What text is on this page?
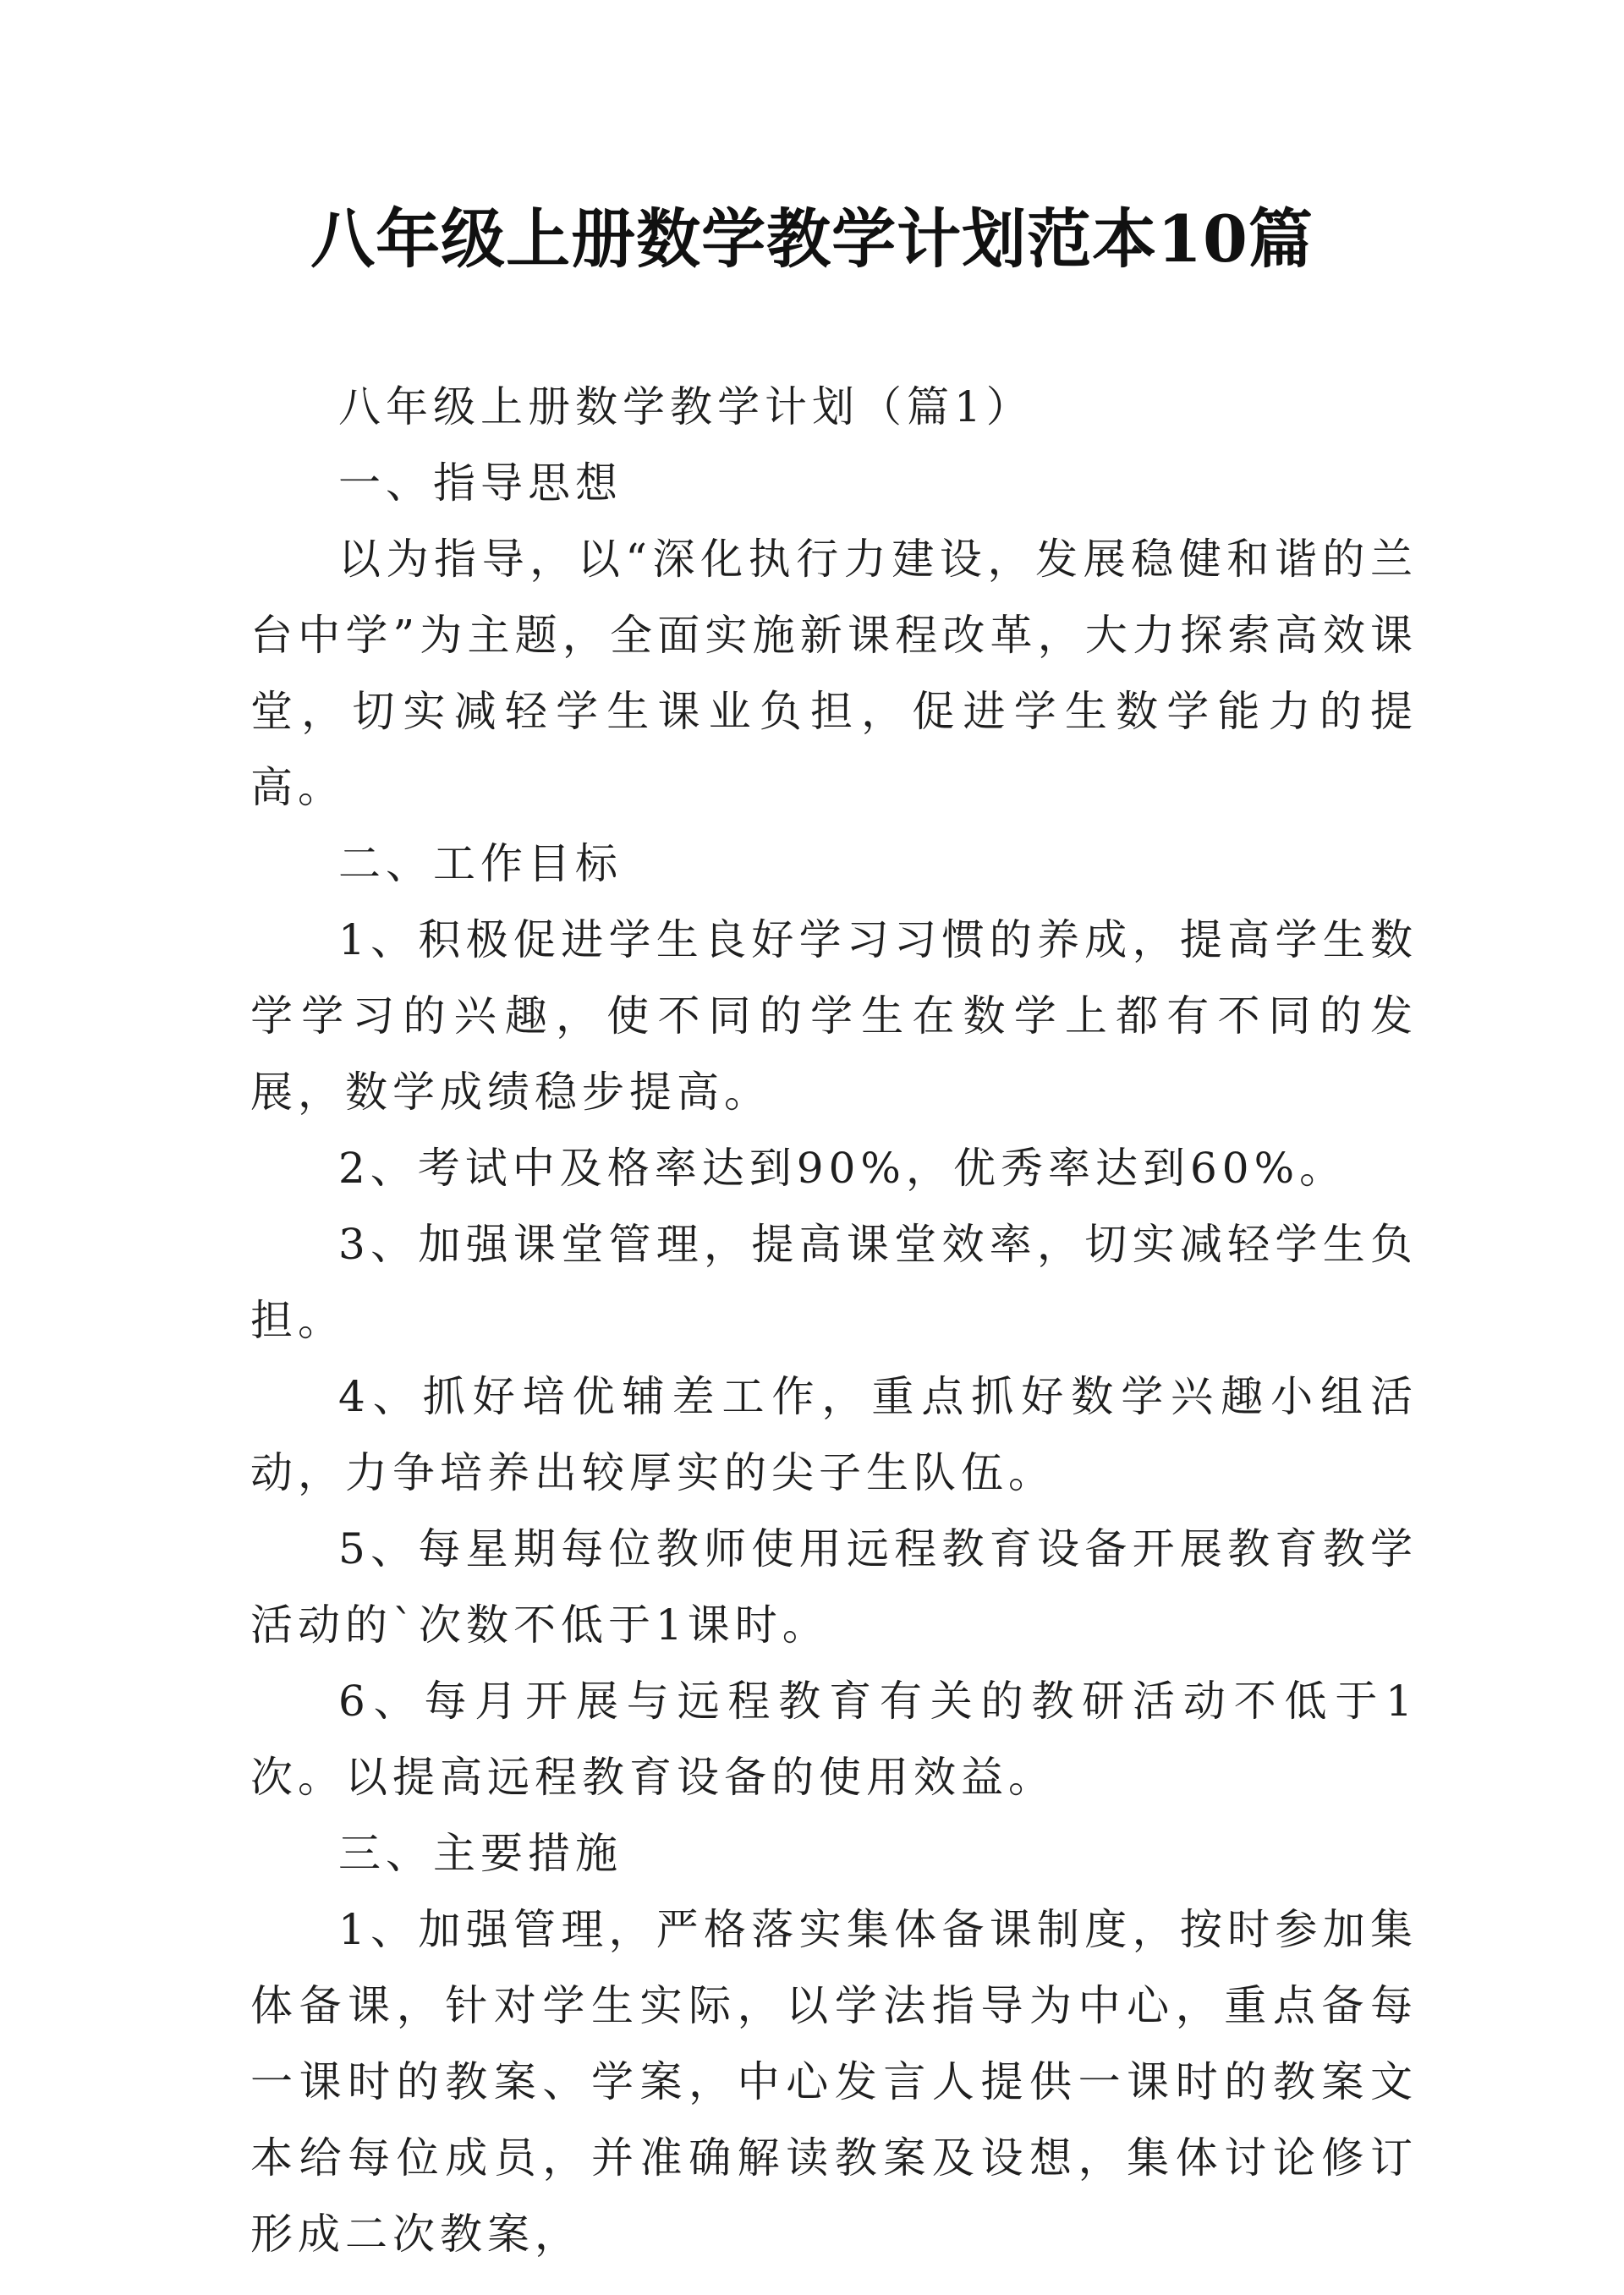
八年级上册数学教学计划范本10篇

八年级上册数学教学计划（篇1）

一、指导思想

以为指导，以“深化执行力建设，发展稳健和谐的兰台中学”为主题，全面实施新课程改革，大力探索高效课堂，切实减轻学生课业负担，促进学生数学能力的提高。

二、工作目标

1、积极促进学生良好学习习惯的养成，提高学生数学学习的兴趣，使不同的学生在数学上都有不同的发展，数学成绩稳步提高。

2、考试中及格率达到90%，优秀率达到60%。

3、加强课堂管理，提高课堂效率，切实减轻学生负担。

4、抓好培优辅差工作，重点抓好数学兴趣小组活动，力争培养出较厚实的尖子生队伍。

5、每星期每位教师使用远程教育设备开展教育教学活动的`次数不低于1课时。

6、每月开展与远程教育有关的教研活动不低于1次。以提高远程教育设备的使用效益。

三、主要措施

1、加强管理，严格落实集体备课制度，按时参加集体备课，针对学生实际，以学法指导为中心，重点备每一课时的教案、学案，中心发言人提供一课时的教案文本给每位成员，并准确解读教案及设想，集体讨论修订形成二次教案，
